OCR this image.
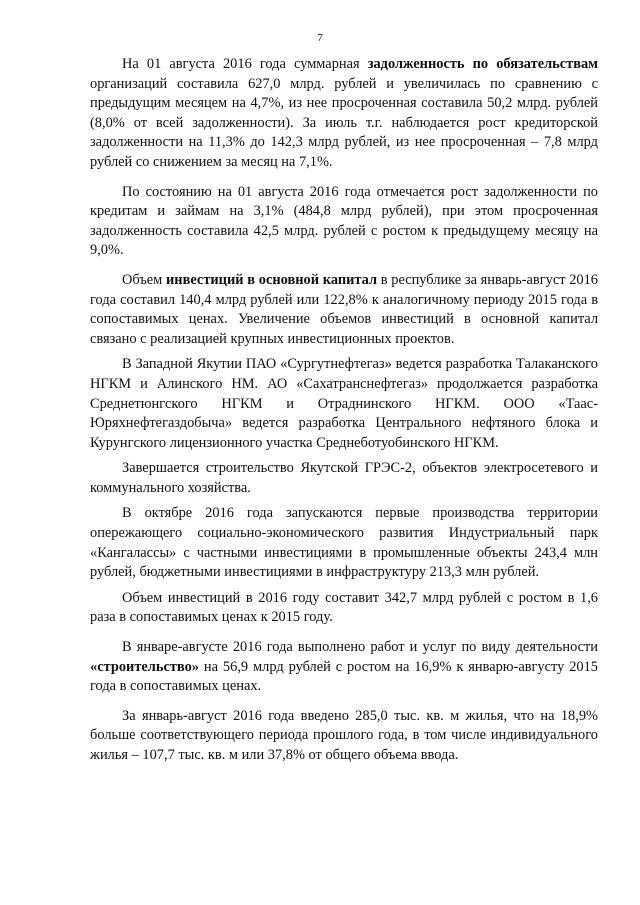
7

На 01 августа 2016 года суммарная задолженность по обязательствам организаций составила 627,0 млрд. рублей и увеличилась по сравнению с предыдущим месяцем на 4,7%, из нее просроченная составила 50,2 млрд. рублей (8,0% от всей задолженности). За июль т.г. наблюдается рост кредиторской задолженности на 11,3% до 142,3 млрд рублей, из нее просроченная – 7,8 млрд рублей со снижением за месяц на 7,1%.

По состоянию на 01 августа 2016 года отмечается рост задолженности по кредитам и займам на 3,1% (484,8 млрд рублей), при этом просроченная задолженность составила 42,5 млрд. рублей с ростом к предыдущему месяцу на 9,0%.

Объем инвестиций в основной капитал в республике за январь-август 2016 года составил 140,4 млрд рублей или 122,8% к аналогичному периоду 2015 года в сопоставимых ценах. Увеличение объемов инвестиций в основной капитал связано с реализацией крупных инвестиционных проектов.

В Западной Якутии ПАО «Сургутнефтегаз» ведется разработка Талаканского НГКМ и Алинского НМ. АО «Сахатранснефтегаз» продолжается разработка Среднетюнгского НГКМ и Отраднинского НГКМ. ООО «Таас-Юряхнефтегаздобыча» ведется разработка Центрального нефтяного блока и Курунгского лицензионного участка Среднеботуобинского НГКМ.

Завершается строительство Якутской ГРЭС-2, объектов электросетевого и коммунального хозяйства.

В октябре 2016 года запускаются первые производства территории опережающего социально-экономического развития Индустриальный парк «Кангаласcы» с частными инвестициями в промышленные объекты 243,4 млн рублей, бюджетными инвестициями в инфраструктуру 213,3 млн рублей.

Объем инвестиций в 2016 году составит 342,7 млрд рублей с ростом в 1,6 раза в сопоставимых ценах к 2015 году.

В январе-августе 2016 года выполнено работ и услуг по виду деятельности «строительство» на 56,9 млрд рублей с ростом на 16,9% к январю-августу 2015 года в сопоставимых ценах.

За январь-август 2016 года введено 285,0 тыс. кв. м жилья, что на 18,9% больше соответствующего периода прошлого года, в том числе индивидуального жилья – 107,7 тыс. кв. м или 37,8% от общего объема ввода.
